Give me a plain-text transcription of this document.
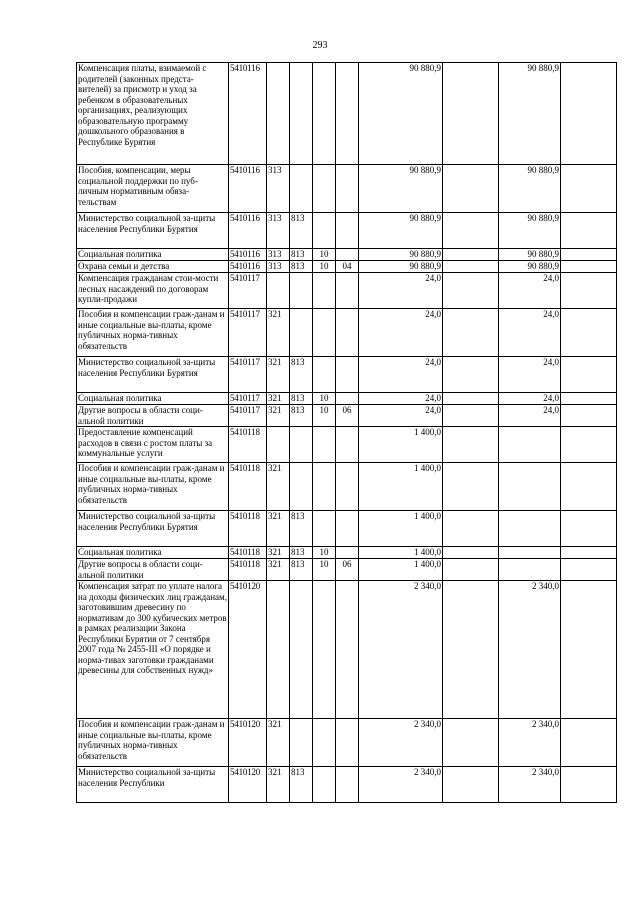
293
Компенсация платы, взимаемой с родителей (законных предста-вителей) за присмотр и уход за ребенком в образовательных организациях, реализующих образовательную программу дошкольного образования в Республике Бурятия	5410116					90 880,9		90 880,9	
Пособия, компенсации, меры социальной поддержки по пуб-личным нормативным обяза-тельствам	5410116	313				90 880,9		90 880,9	
Министерство социальной за-щиты населения Республики Бурятия	5410116	313	813			90 880,9		90 880,9	
Социальная политика	5410116	313	813	10		90 880,9		90 880,9	
Охрана семьи и детства	5410116	313	813	10	04	90 880,9		90 880,9	
Компенсация гражданам стои-мости лесных насаждений по договорам купли-продажи	5410117					24,0		24,0	
Пособия и компенсации граж-данам и иные социальные вы-платы, кроме публичных норма-тивных обязательств	5410117	321				24,0		24,0	
Министерство социальной за-щиты населения Республики Бурятия	5410117	321	813			24,0		24,0	
Социальная политика	5410117	321	813	10		24,0		24,0	
Другие вопросы в области соци-альной политики	5410117	321	813	10	06	24,0		24,0	
Предоставление компенсаций расходов в связи с ростом платы за коммунальные услуги	5410118					1 400,0			
Пособия и компенсации граж-данам и иные социальные вы-платы, кроме публичных норма-тивных обязательств	5410118	321				1 400,0			
Министерство социальной за-щиты населения Республики Бурятия	5410118	321	813			1 400,0			
Социальная политика	5410118	321	813	10		1 400,0			
Другие вопросы в области соци-альной политики	5410118	321	813	10	06	1 400,0			
Компенсация затрат по уплате налога на доходы физических лиц гражданам, заготовившим древесину по нормативам до 300 кубических метров в рамках реализации Закона Республики Бурятия от 7 сентября 2007 года № 2455-III «О порядке и норма-тивах заготовки гражданами древесины для собственных нужд»	5410120					2 340,0		2 340,0	
Пособия и компенсации граж-данам и иные социальные вы-платы, кроме публичных норма-тивных обязательств	5410120	321				2 340,0		2 340,0	
Министерство социальной за-щиты населения Республики	5410120	321	813			2 340,0		2 340,0	
